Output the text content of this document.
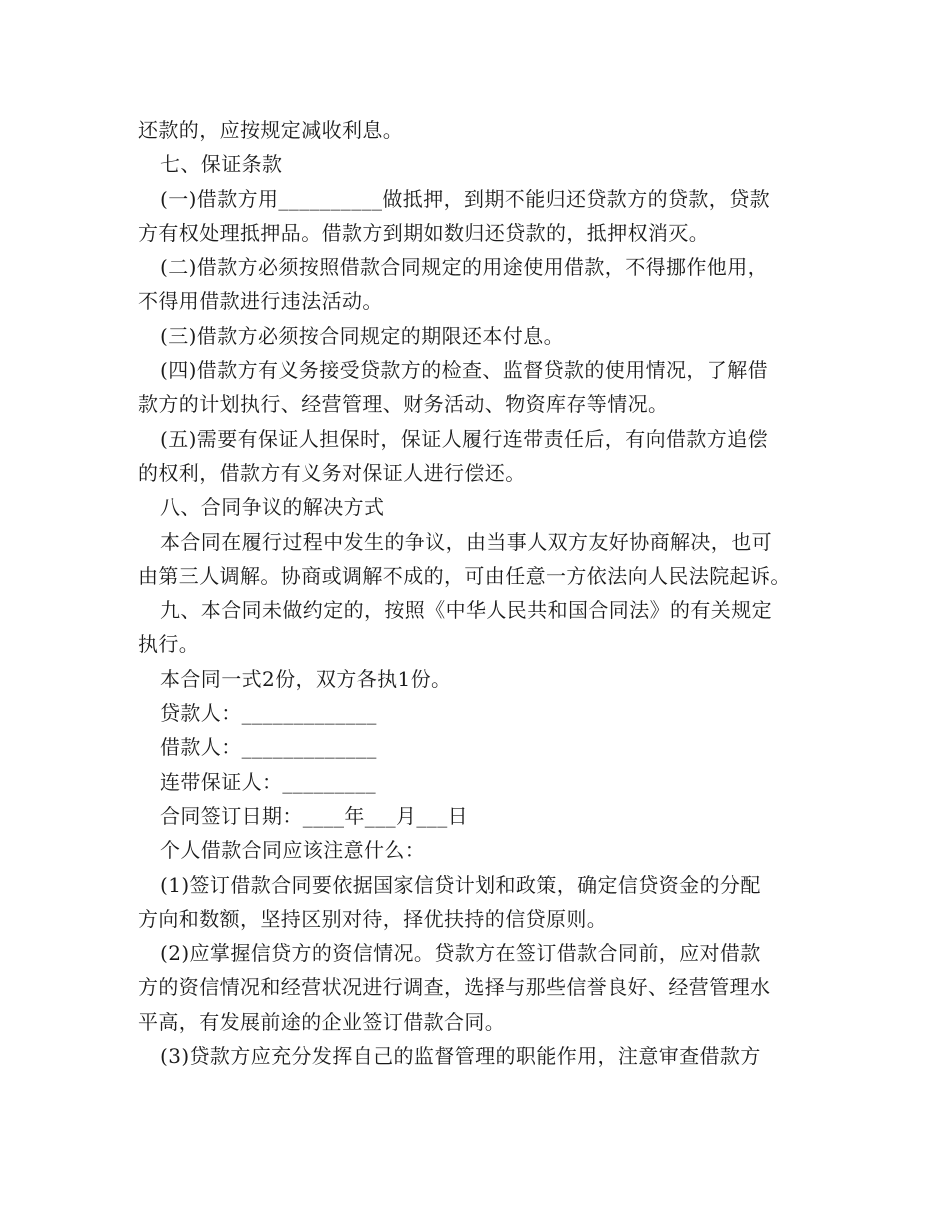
还款的，应按规定减收利息。
七、保证条款
(一)借款方用__________做抵押，到期不能归还贷款方的贷款，贷款
方有权处理抵押品。借款方到期如数归还贷款的，抵押权消灭。
(二)借款方必须按照借款合同规定的用途使用借款，不得挪作他用，
不得用借款进行违法活动。
(三)借款方必须按合同规定的期限还本付息。
(四)借款方有义务接受贷款方的检查、监督贷款的使用情况，了解借
款方的计划执行、经营管理、财务活动、物资库存等情况。
(五)需要有保证人担保时，保证人履行连带责任后，有向借款方追偿
的权利，借款方有义务对保证人进行偿还。
八、合同争议的解决方式
本合同在履行过程中发生的争议，由当事人双方友好协商解决，也可
由第三人调解。协商或调解不成的，可由任意一方依法向人民法院起诉。
九、本合同未做约定的，按照《中华人民共和国合同法》的有关规定
执行。
本合同一式2份，双方各执1份。
贷款人：_____________
借款人：_____________
连带保证人：_________
合同签订日期：____年___月___日
个人借款合同应该注意什么：
(1)签订借款合同要依据国家信贷计划和政策，确定信贷资金的分配
方向和数额，坚持区别对待，择优扶持的信贷原则。
(2)应掌握信贷方的资信情况。贷款方在签订借款合同前，应对借款
方的资信情况和经营状况进行调查，选择与那些信誉良好、经营管理水
平高，有发展前途的企业签订借款合同。
(3)贷款方应充分发挥自己的监督管理的职能作用，注意审查借款方
